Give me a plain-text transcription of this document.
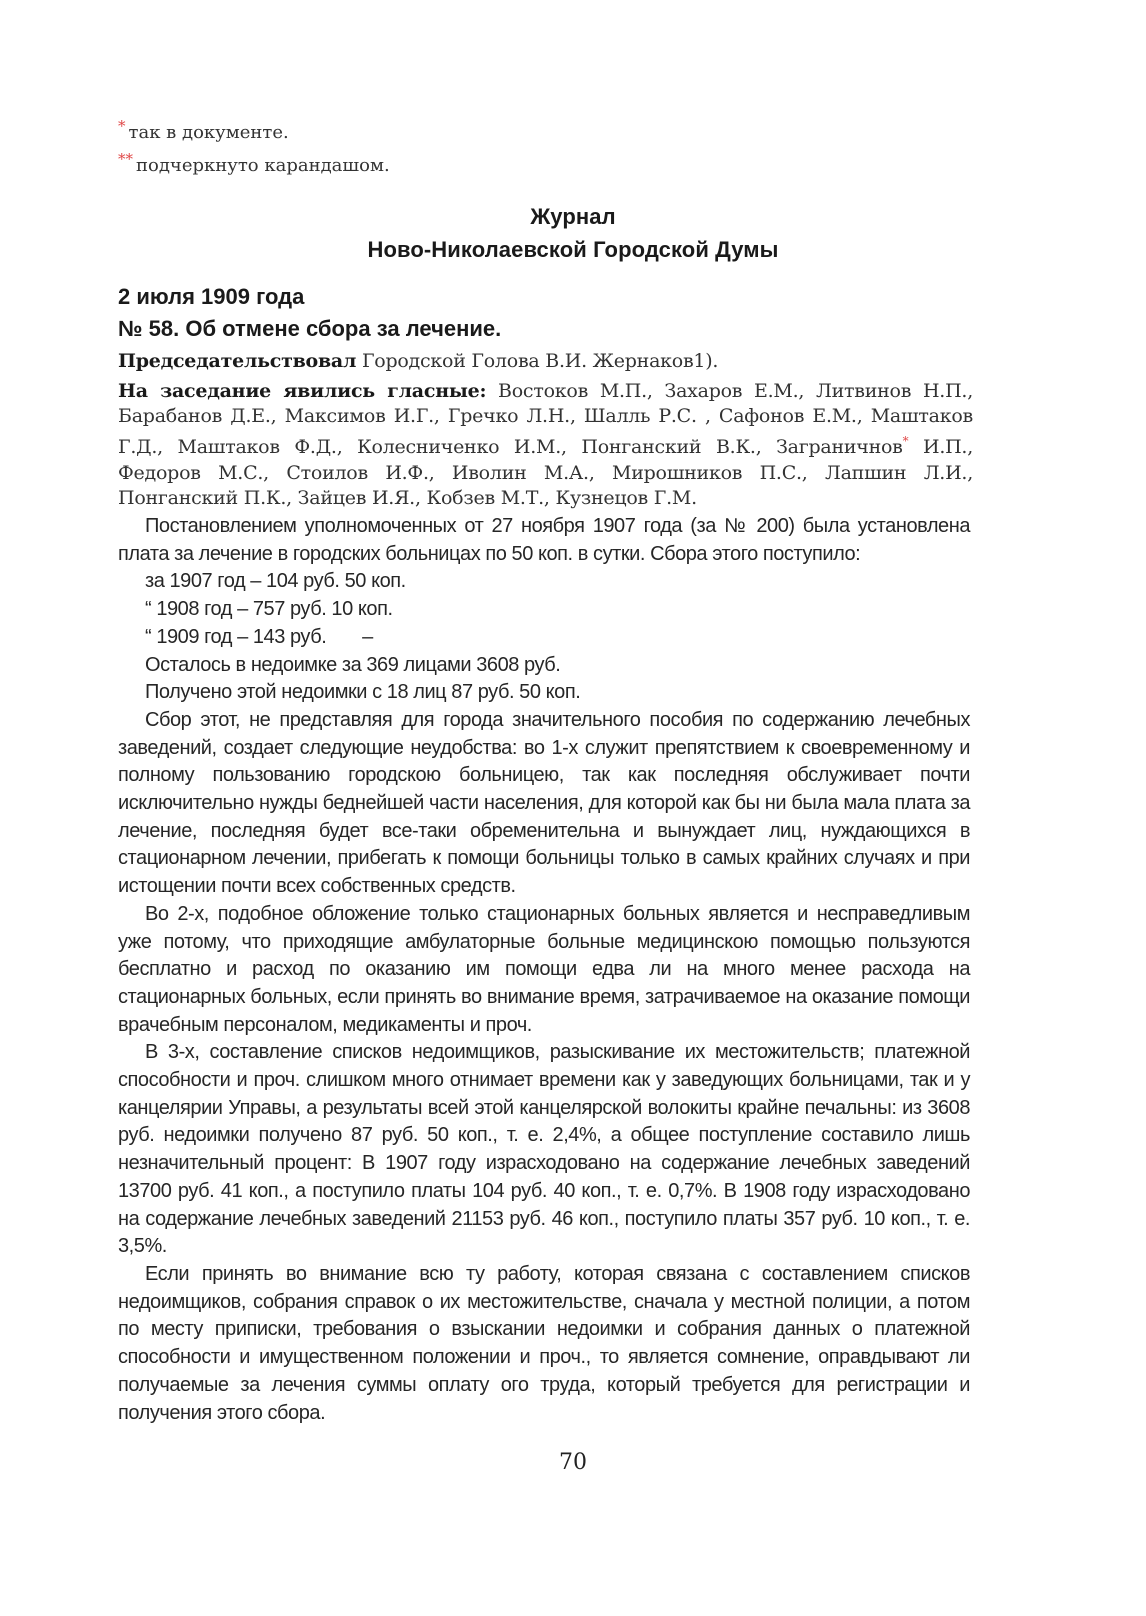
* так в документе.
** подчеркнуто карандашом.
Журнал
Ново-Николаевской Городской Думы
2 июля 1909 года
№ 58. Об отмене сбора за лечение.
Председательствовал Городской Голова В.И. Жернаков1).
На заседание явились гласные: Востоков М.П., Захаров Е.М., Литвинов Н.П., Барабанов Д.Е., Максимов И.Г., Гречко Л.Н., Шалль Р.С. , Сафонов Е.М., Маштаков Г.Д., Маштаков Ф.Д., Колесниченко И.М., Понганский В.К., Заграничнов* И.П., Федоров М.С., Стоилов И.Ф., Иволин М.А., Мирошников П.С., Лапшин Л.И., Понганский П.К., Зайцев И.Я., Кобзев М.Т., Кузнецов Г.М.

Постановлением уполномоченных от 27 ноября 1907 года (за № 200) была установлена плата за лечение в городских больницах по 50 коп. в сутки. Сбора этого поступило:

за 1907 год – 104 руб. 50 коп.
“ 1908 год – 757 руб. 10 коп.
“ 1909 год – 143 руб.       –
Осталось в недоимке за 369 лицами 3608 руб.
Получено этой недоимки с 18 лиц 87 руб. 50 коп.

Сбор этот, не представляя для города значительного пособия по содержанию лечебных заведений, создает следующие неудобства: во 1-х служит препятствием к своевременному и полному пользованию городскою больницею, так как последняя обслуживает почти исключительно нужды беднейшей части населения, для которой как бы ни была мала плата за лечение, последняя будет все-таки обременительна и вынуждает лиц, нуждающихся в стационарном лечении, прибегать к помощи больницы только в самых крайних случаях и при истощении почти всех собственных средств.

Во 2-х, подобное обложение только стационарных больных является и несправедливым уже потому, что приходящие амбулаторные больные медицинскою помощью пользуются бесплатно и расход по оказанию им помощи едва ли на много менее расхода на стационарных больных, если принять во внимание время, затрачиваемое на оказание помощи врачебным персоналом, медикаменты и проч.

В 3-х, составление списков недоимщиков, разыскивание их местожительств; платежной способности и проч. слишком много отнимает времени как у заведующих больницами, так и у канцелярии Управы, а результаты всей этой канцелярской волокиты крайне печальны: из 3608 руб. недоимки получено 87 руб. 50 коп., т. е. 2,4%, а общее поступление составило лишь незначительный процент: В 1907 году израсходовано на содержание лечебных заведений 13700 руб. 41 коп., а поступило платы 104 руб. 40 коп., т. е. 0,7%. В 1908 году израсходовано на содержание лечебных заведений 21153 руб. 46 коп., поступило платы 357 руб. 10 коп., т. е. 3,5%.

Если принять во внимание всю ту работу, которая связана с составлением списков недоимщиков, собрания справок о их местожительстве, сначала у местной полиции, а потом по месту приписки, требования о взыскании недоимки и собрания данных о платежной способности и имущественном положении и проч., то является сомнение, оправдывают ли получаемые за лечения суммы оплату ого труда, который требуется для регистрации и получения этого сбора.

70
